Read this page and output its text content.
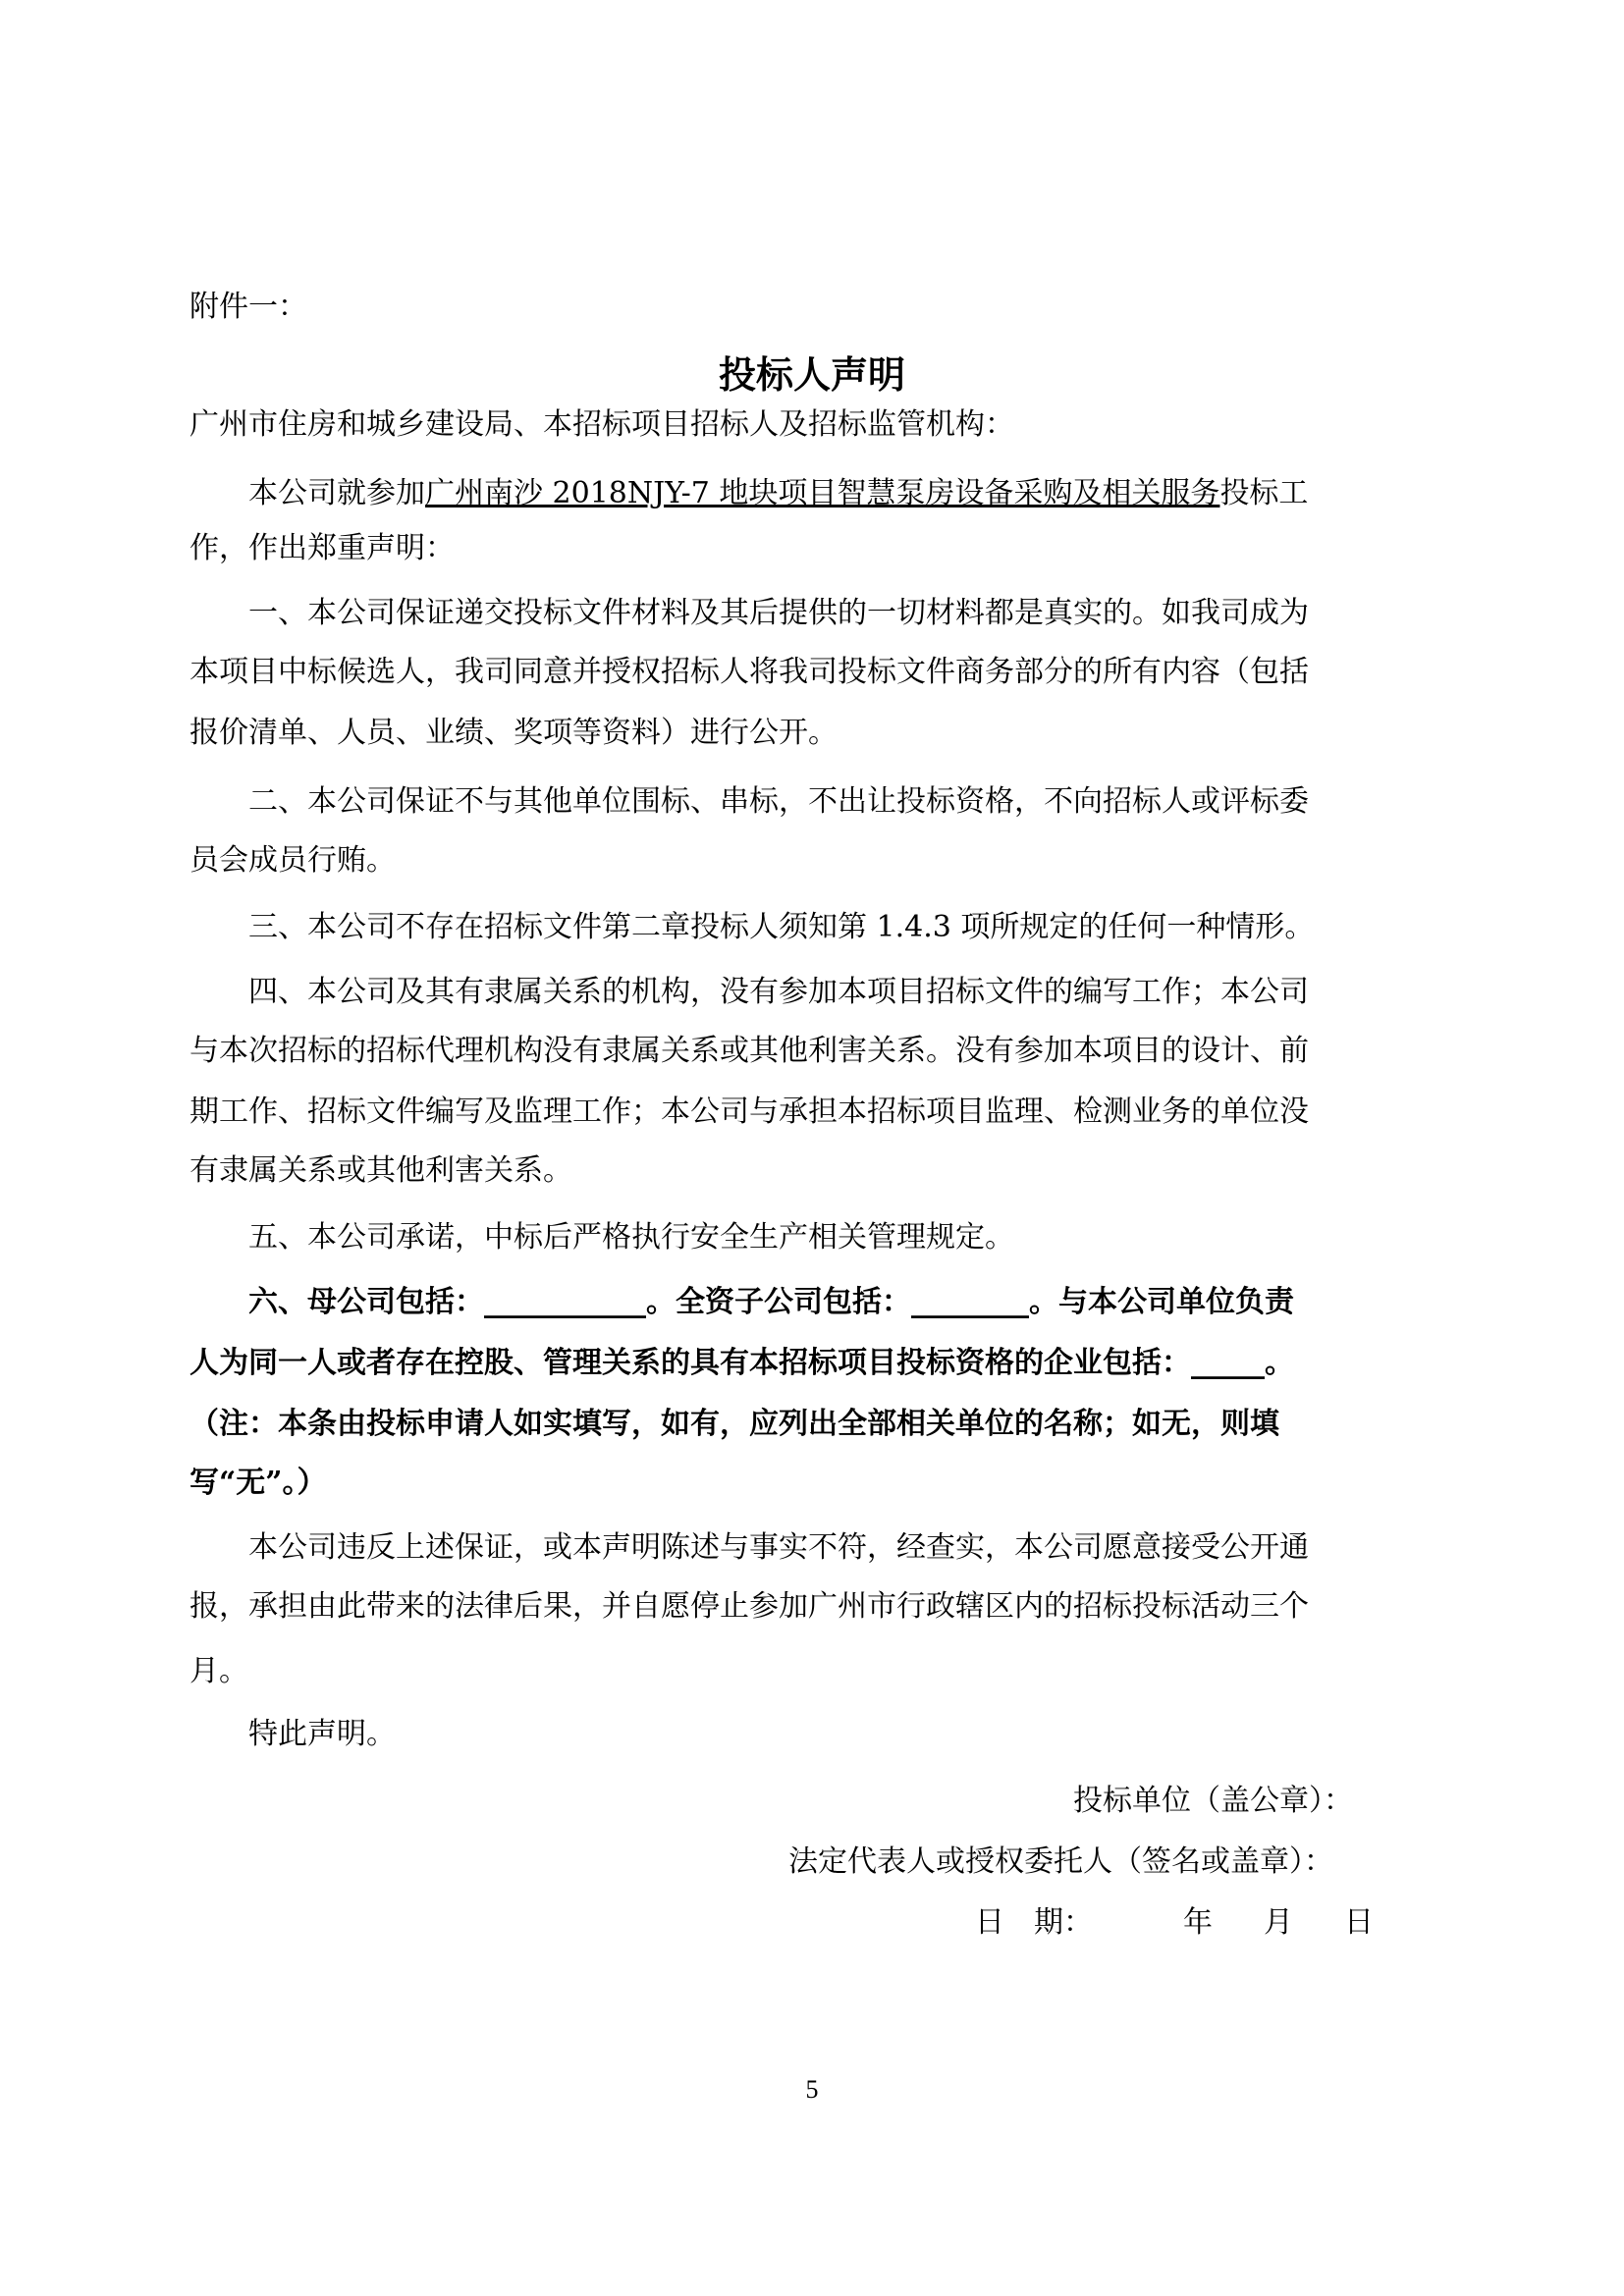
附件一：

投标人声明

广州市住房和城乡建设局、本招标项目招标人及招标监管机构：

本公司就参加广州南沙 2018NJY-7 地块项目智慧泵房设备采购及相关服务投标工

作，作出郑重声明：

一、本公司保证递交投标文件材料及其后提供的一切材料都是真实的。如我司成为

本项目中标候选人，我司同意并授权招标人将我司投标文件商务部分的所有内容（包括

报价清单、人员、业绩、奖项等资料）进行公开。

二、本公司保证不与其他单位围标、串标，不出让投标资格，不向招标人或评标委

员会成员行贿。

三、本公司不存在招标文件第二章投标人须知第 1.4.3 项所规定的任何一种情形。

四、本公司及其有隶属关系的机构，没有参加本项目招标文件的编写工作；本公司

与本次招标的招标代理机构没有隶属关系或其他利害关系。没有参加本项目的设计、前

期工作、招标文件编写及监理工作；本公司与承担本招标项目监理、检测业务的单位没

有隶属关系或其他利害关系。

五、本公司承诺，中标后严格执行安全生产相关管理规定。

六、母公司包括：___________。全资子公司包括：________。与本公司单位负责

人为同一人或者存在控股、管理关系的具有本招标项目投标资格的企业包括：_____。

（注：本条由投标申请人如实填写，如有，应列出全部相关单位的名称；如无，则填

写“无”。）

本公司违反上述保证，或本声明陈述与事实不符，经查实，本公司愿意接受公开通

报，承担由此带来的法律后果，并自愿停止参加广州市行政辖区内的招标投标活动三个

月。

特此声明。

投标单位（盖公章）：

法定代表人或授权委托人（签名或盖章）：

日　期：	年 月 日

5
